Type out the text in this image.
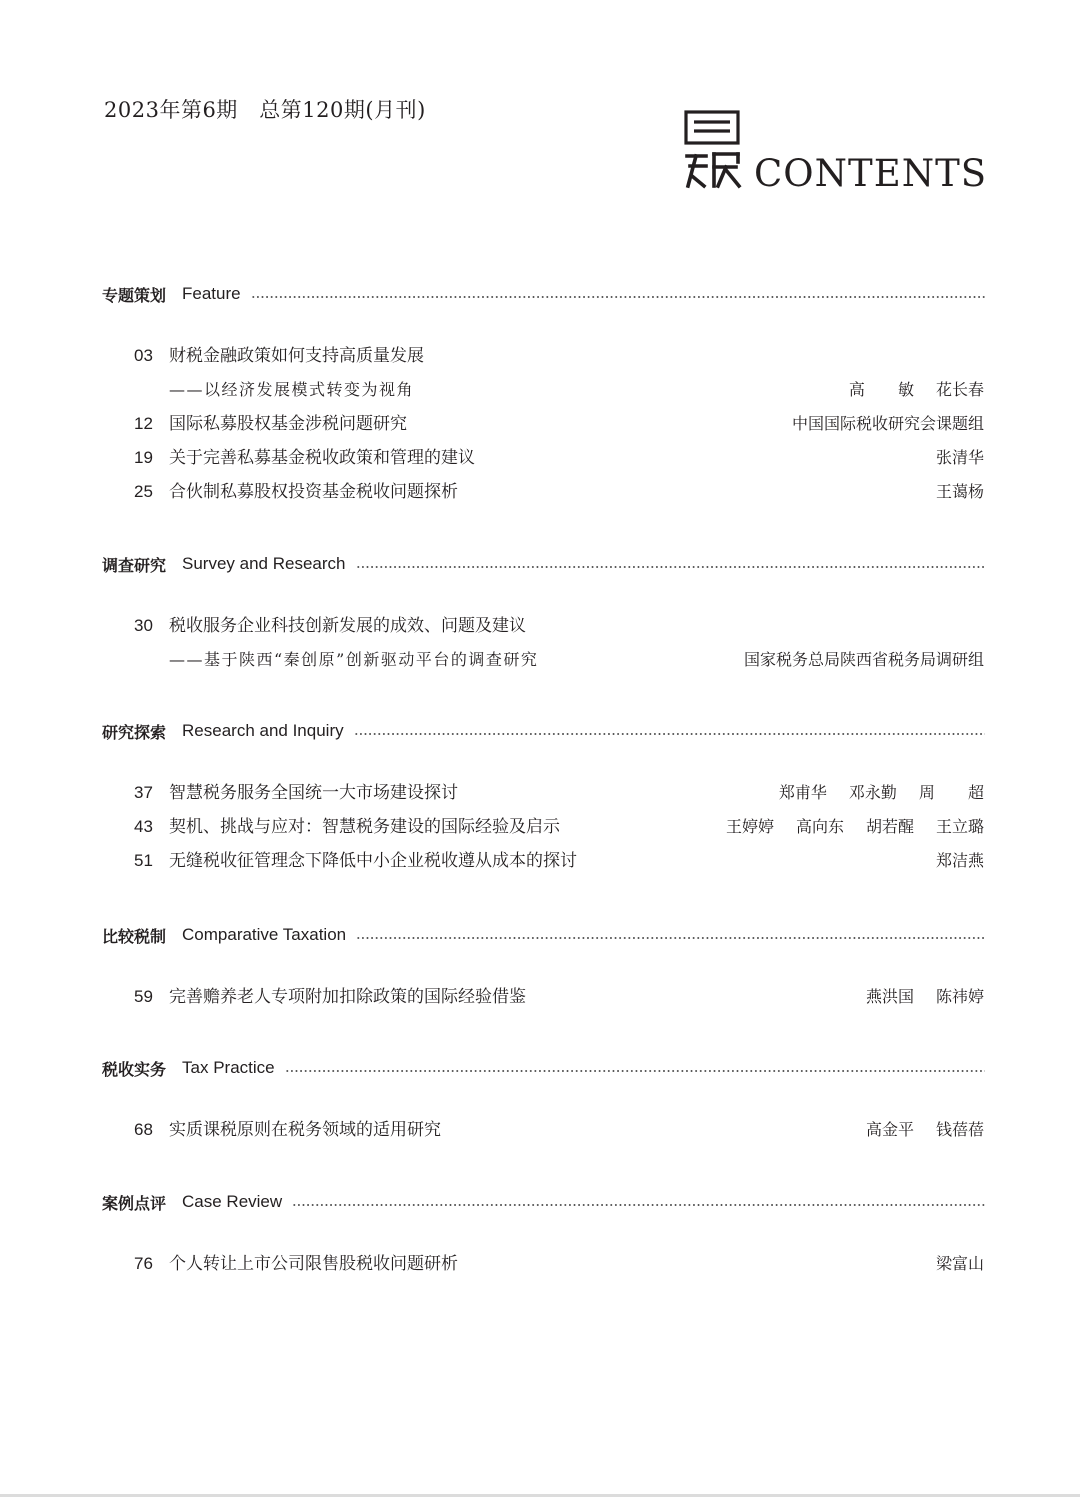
2023年第6期　总第120期(月刊)
CONTENTS
专题策划 Feature
03 财税金融政策如何支持高质量发展
——以经济发展模式转变为视角	高 敏 花长春
12 国际私募股权基金涉税问题研究	中国国际税收研究会课题组
19 关于完善私募基金税收政策和管理的建议	张清华
25 合伙制私募股权投资基金税收问题探析	王蔼杨
调查研究 Survey and Research
30 税收服务企业科技创新发展的成效、问题及建议
——基于陕西“秦创原”创新驱动平台的调查研究	国家税务总局陕西省税务局调研组
研究探索 Research and Inquiry
37 智慧税务服务全国统一大市场建设探讨	郑甫华 邓永勤 周 超
43 契机、挑战与应对：智慧税务建设的国际经验及启示	王婷婷 高向东 胡若醒 王立璐
51 无缝税收征管理念下降低中小企业税收遵从成本的探讨	郑洁燕
比较税制 Comparative Taxation
59 完善赡养老人专项附加扣除政策的国际经验借鉴	燕洪国 陈祎婷
税收实务 Tax Practice
68 实质课税原则在税务领域的适用研究	高金平 钱蓓蓓
案例点评 Case Review
76 个人转让上市公司限售股税收问题研析	梁富山
